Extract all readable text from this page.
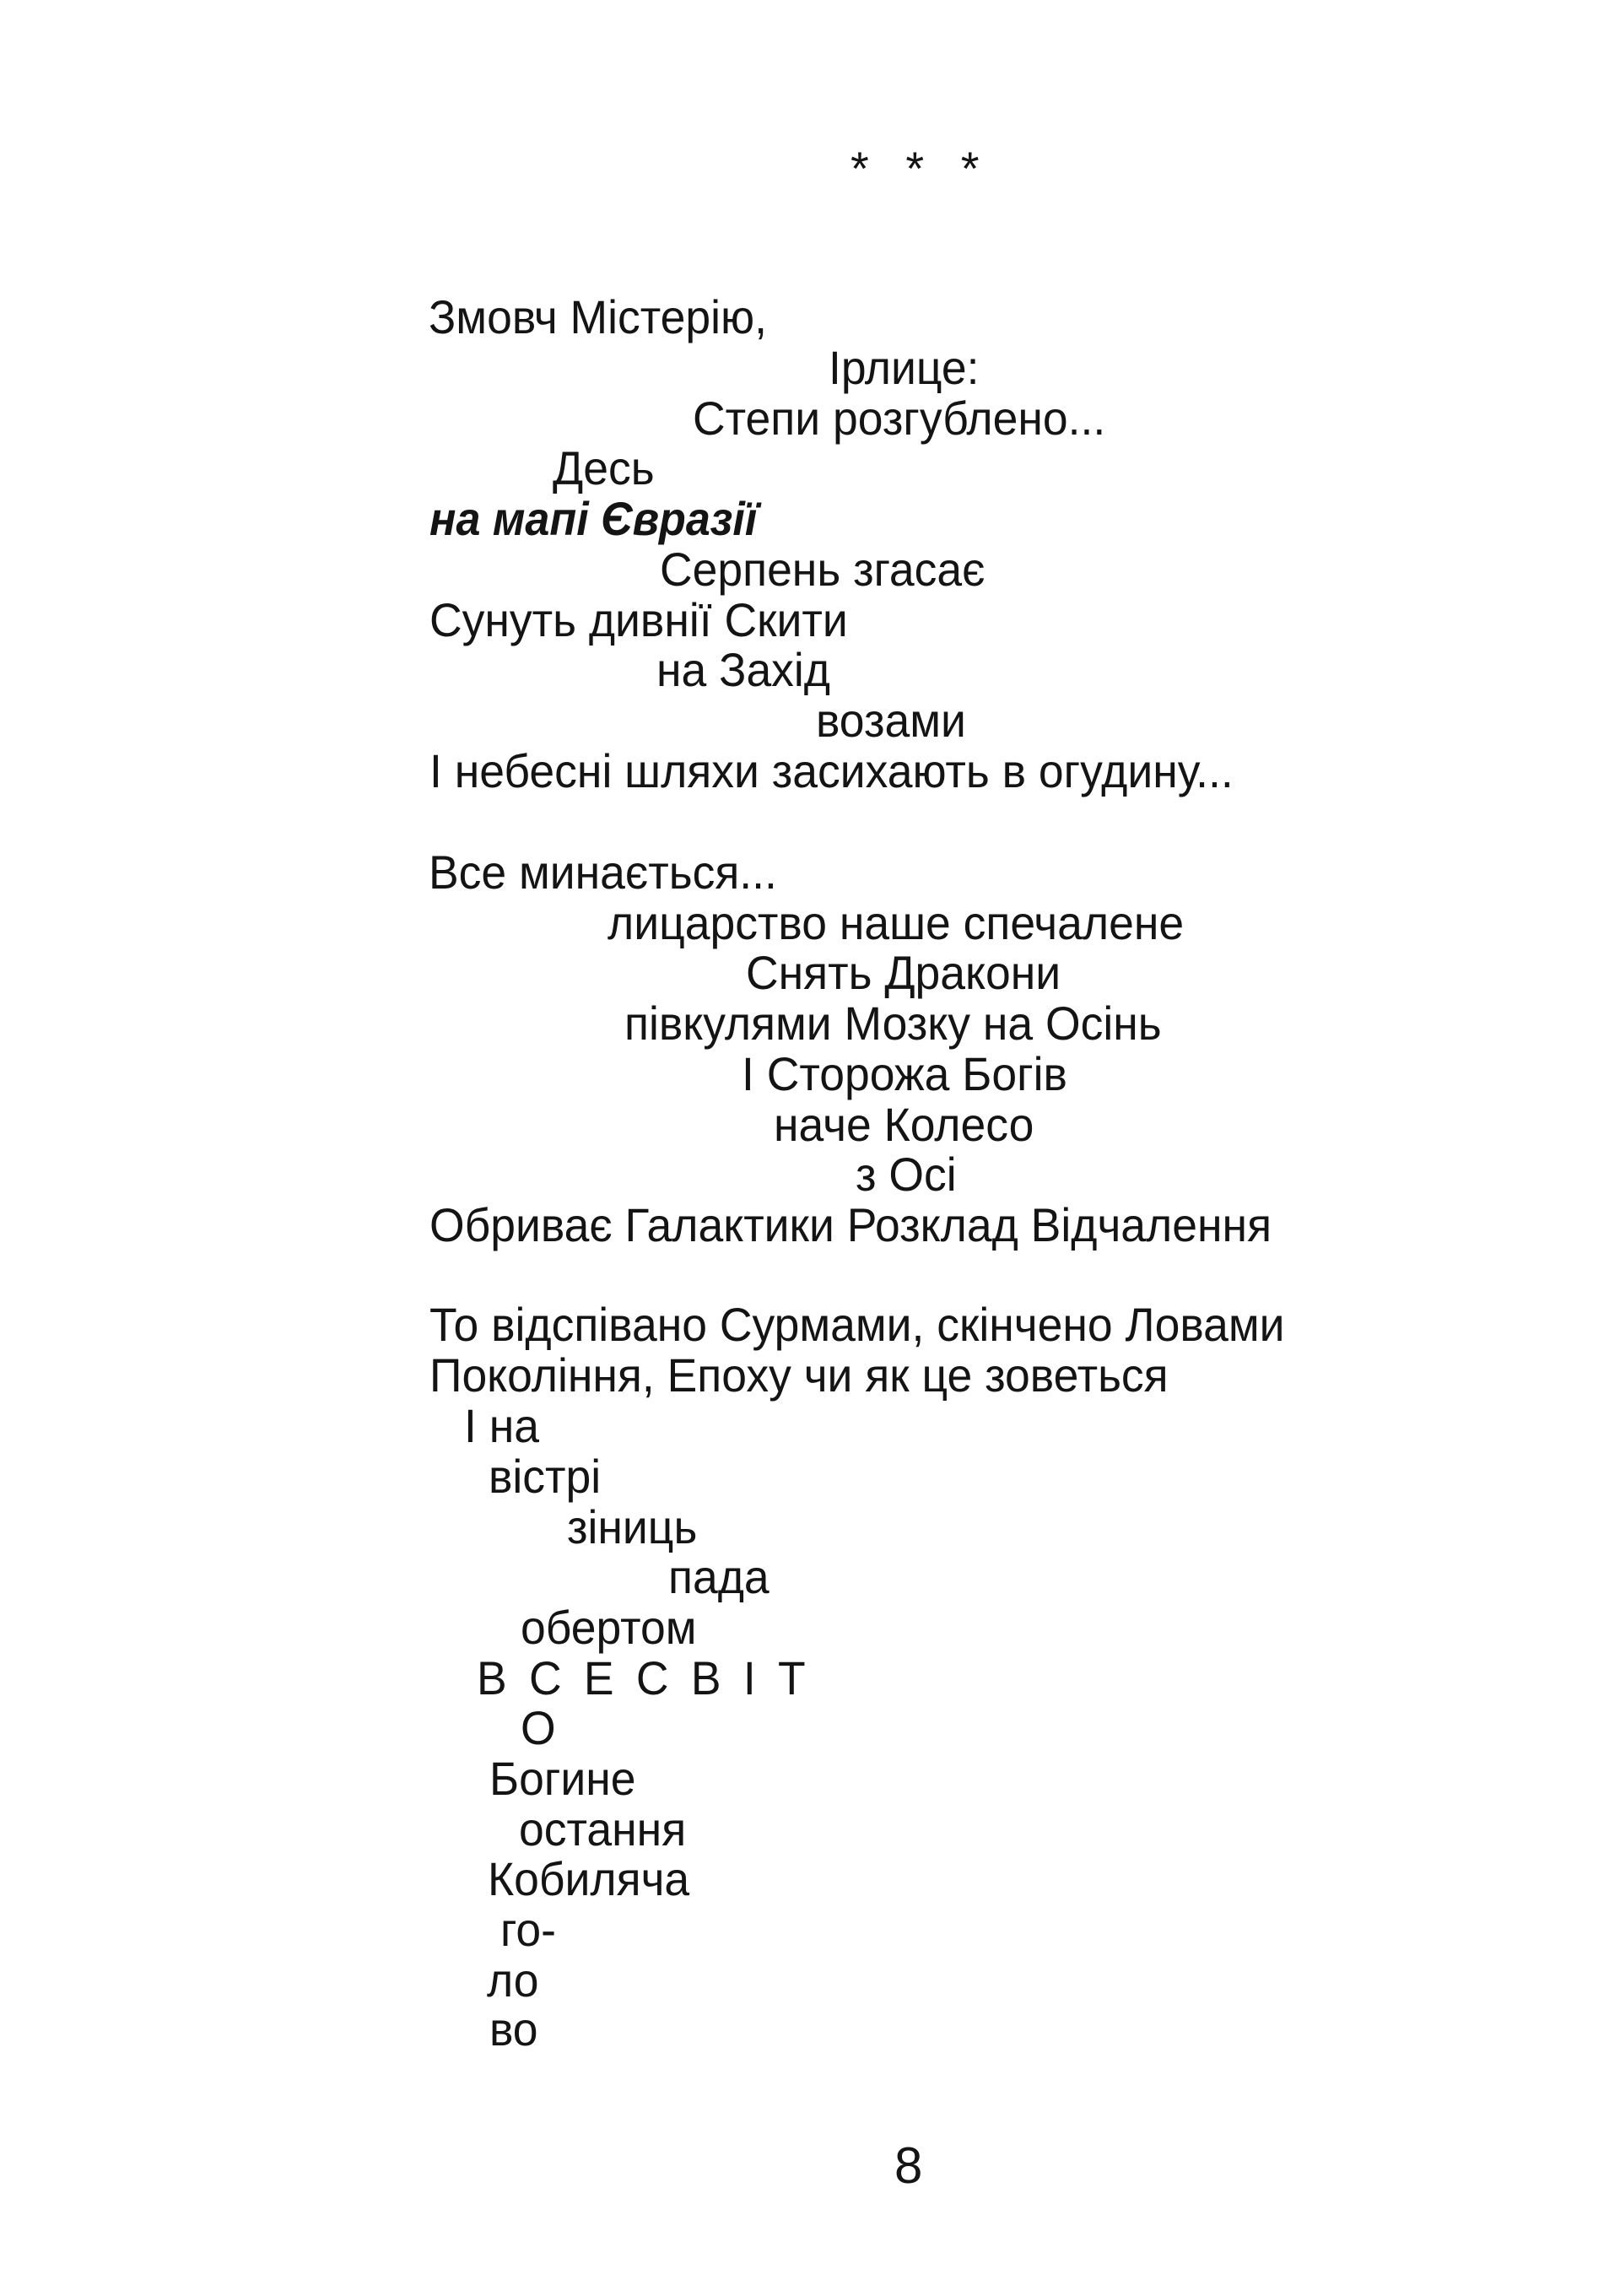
* * *
Змовч Містерію,
Ірлице:
Степи розгублено...
Десь
на мапі Євразії
Серпень згасає
Сунуть дивнії Скити
на Захід
возами
І небесні шляхи засихають в огудину...
Все минається...
лицарство наше спечалене
Снять Дракони
півкулями Мозку на Осінь
І Сторожа Богів
наче Колесо
з Осі
Обриває Галактики Розклад Відчалення
То відспівано Сурмами, скінчено Ловами
Покоління, Епоху чи як це зоветься
І на
вістрі
зіниць
пада
обертом
В С Е С В І Т
О
Богине
остання
Кобиляча
го-
ло
во
8
